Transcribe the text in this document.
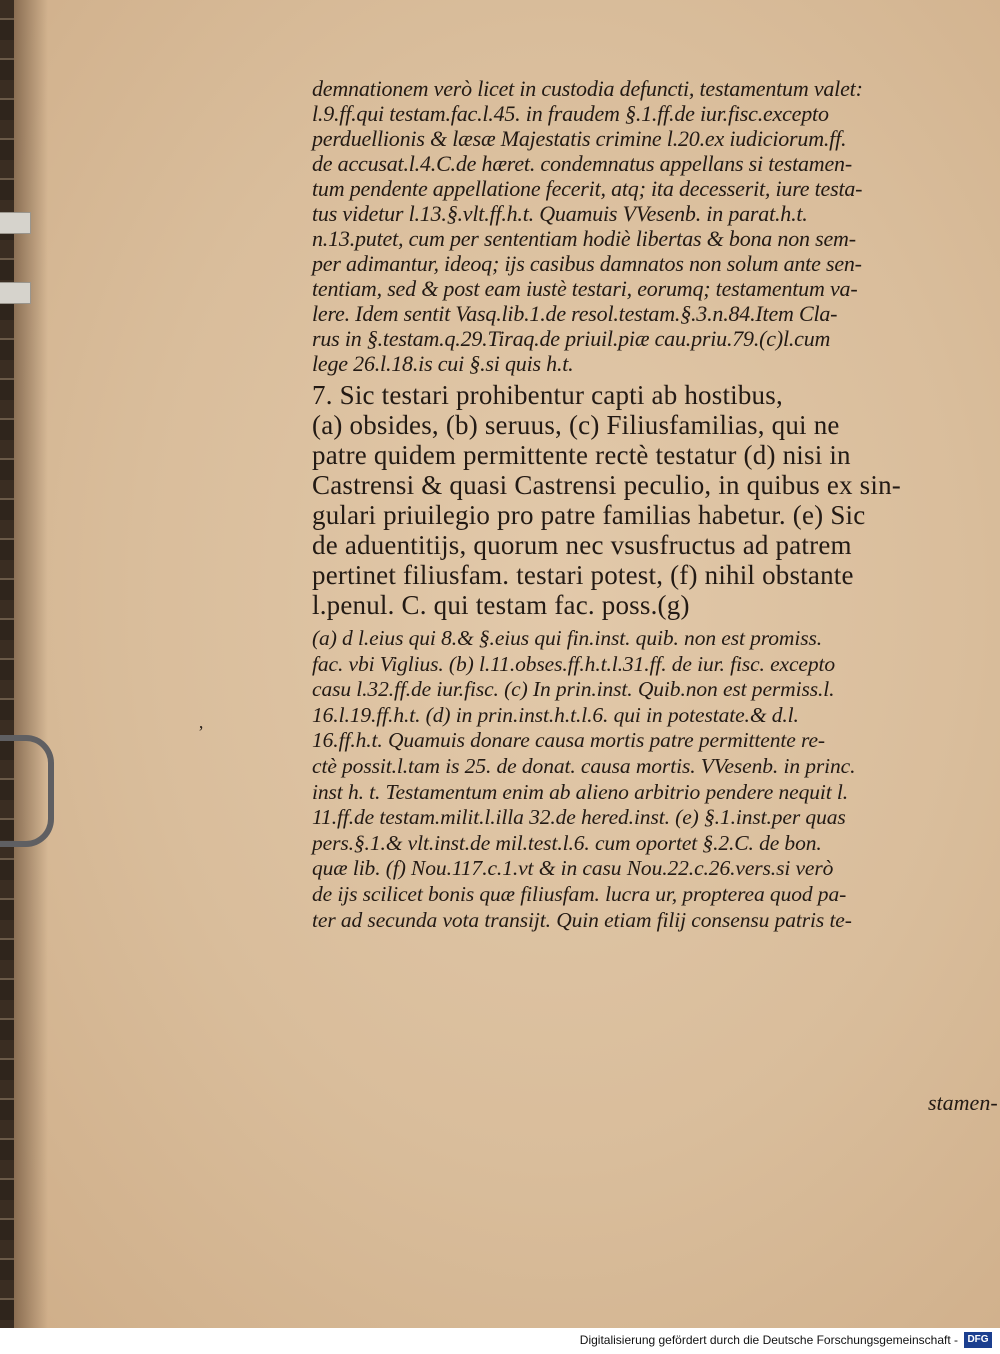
‚
demnationem verò licet in custodia defuncti, testamentum valet:
l.9.ff.qui testam.fac.l.45. in fraudem §.1.ff.de iur.fisc.excepto
perduellionis & læsæ Majestatis crimine l.20.ex iudiciorum.ff.
de accusat.l.4.C.de hæret. condemnatus appellans si testamen-
tum pendente appellatione fecerit, atq; ita decesserit, iure testa-
tus videtur l.13.§.vlt.ff.h.t. Quamuis VVesenb. in parat.h.t.
n.13.putet, cum per sententiam hodiè libertas & bona non sem-
per adimantur, ideoq; ijs casibus damnatos non solum ante sen-
tentiam, sed & post eam iustè testari, eorumq; testamentum va-
lere. Idem sentit Vasq.lib.1.de resol.testam.§.3.n.84.Item Cla-
rus in §.testam.q.29.Tiraq.de priuil.piæ cau.priu.79.(c)l.cum
lege 26.l.18.is cui §.si quis h.t.
7. Sic testari prohibentur capti ab hostibus,
(a) obsides, (b) seruus, (c) Filiusfamilias, qui ne
patre quidem permittente rectè testatur (d) nisi in
Castrensi & quasi Castrensi peculio, in quibus ex sin-
gulari priuilegio pro patre familias habetur. (e) Sic
de aduentitijs, quorum nec vsusfructus ad patrem
pertinet filiusfam. testari potest, (f) nihil obstante
l.penul. C. qui testam fac. poss.(g)
(a) d l.eius qui 8.& §.eius qui fin.inst. quib. non est promiss.
fac. vbi Viglius. (b) l.11.obses.ff.h.t.l.31.ff. de iur. fisc. excepto
casu l.32.ff.de iur.fisc. (c) In prin.inst. Quib.non est permiss.l.
16.l.19.ff.h.t. (d) in prin.inst.h.t.l.6. qui in potestate.& d.l.
16.ff.h.t. Quamuis donare causa mortis patre permittente re-
ctè possit.l.tam is 25. de donat. causa mortis. VVesenb. in princ.
inst h. t. Testamentum enim ab alieno arbitrio pendere nequit l.
11.ff.de testam.milit.l.illa 32.de hered.inst. (e) §.1.inst.per quas
pers.§.1.& vlt.inst.de mil.test.l.6. cum oportet §.2.C. de bon.
quæ lib. (f) Nou.117.c.1.vt & in casu Nou.22.c.26.vers.si verò
de ijs scilicet bonis quæ filiusfam. lucra ur, propterea quod pa-
ter ad secunda vota transijt. Quin etiam filij consensu patris te-
stamen-
Digitalisierung gefördert durch die Deutsche Forschungsgemeinschaft - DFG
